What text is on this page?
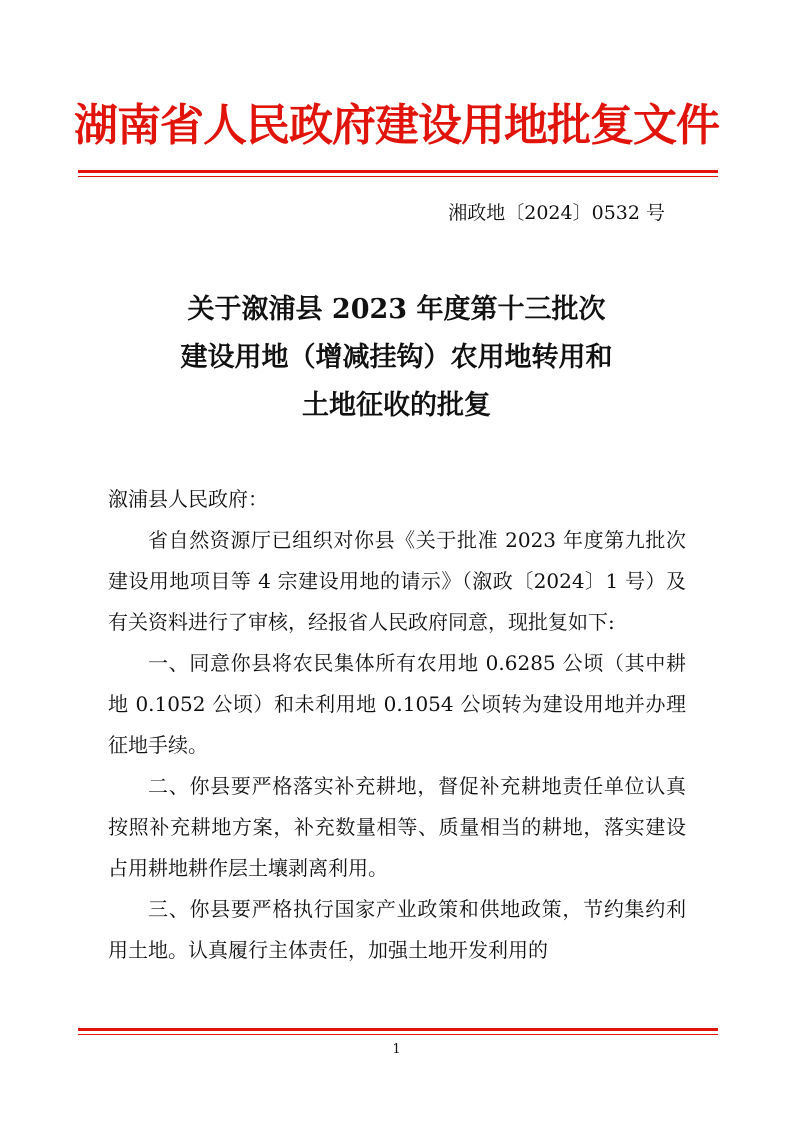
湖南省人民政府建设用地批复文件
湘政地〔2024〕0532 号
关于溆浦县 2023 年度第十三批次
建设用地（增减挂钩）农用地转用和
土地征收的批复

溆浦县人民政府：

省自然资源厅已组织对你县《关于批准 2023 年度第九批次建设用地项目等 4 宗建设用地的请示》（溆政〔2024〕1 号）及有关资料进行了审核，经报省人民政府同意，现批复如下:

一、同意你县将农民集体所有农用地 0.6285 公顷（其中耕地 0.1052 公顷）和未利用地 0.1054 公顷转为建设用地并办理征地手续。

二、你县要严格落实补充耕地，督促补充耕地责任单位认真按照补充耕地方案，补充数量相等、质量相当的耕地，落实建设占用耕地耕作层土壤剥离利用。

三、你县要严格执行国家产业政策和供地政策，节约集约利用土地。认真履行主体责任，加强土地开发利用的

1
